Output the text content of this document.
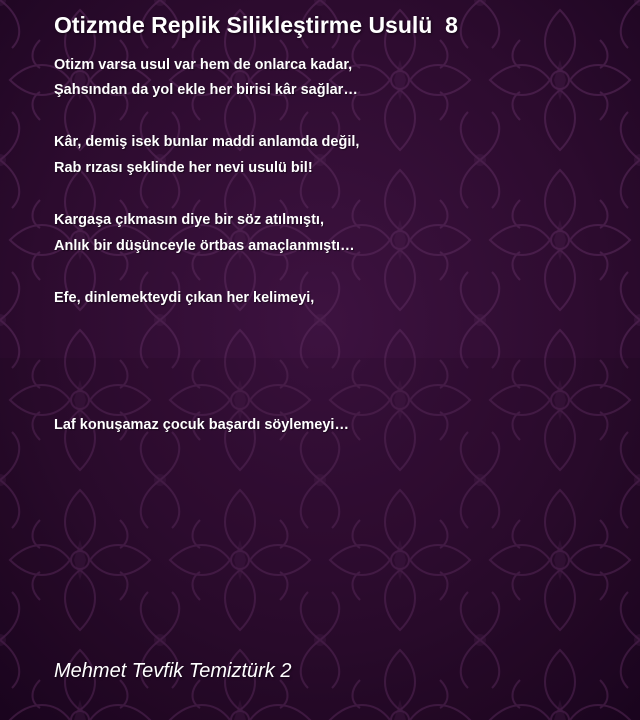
Otizmde Replik Silikleştirme Usulü  8

Otizm varsa usul var hem de onlarca kadar,

Şahsından da yol ekle her birisi kâr sağlar…

Kâr, demiş isek bunlar maddi anlamda değil,

Rab rızası şeklinde her nevi usulü bil!

Kargaşa çıkmasın diye bir söz atılmıştı,

Anlık bir düşünceyle örtbas amaçlanmıştı…

Efe, dinlemekteydi çıkan her kelimeyi,

Laf konuşamaz çocuk başardı söylemeyi…

Mehmet Tevfik Temiztürk 2
